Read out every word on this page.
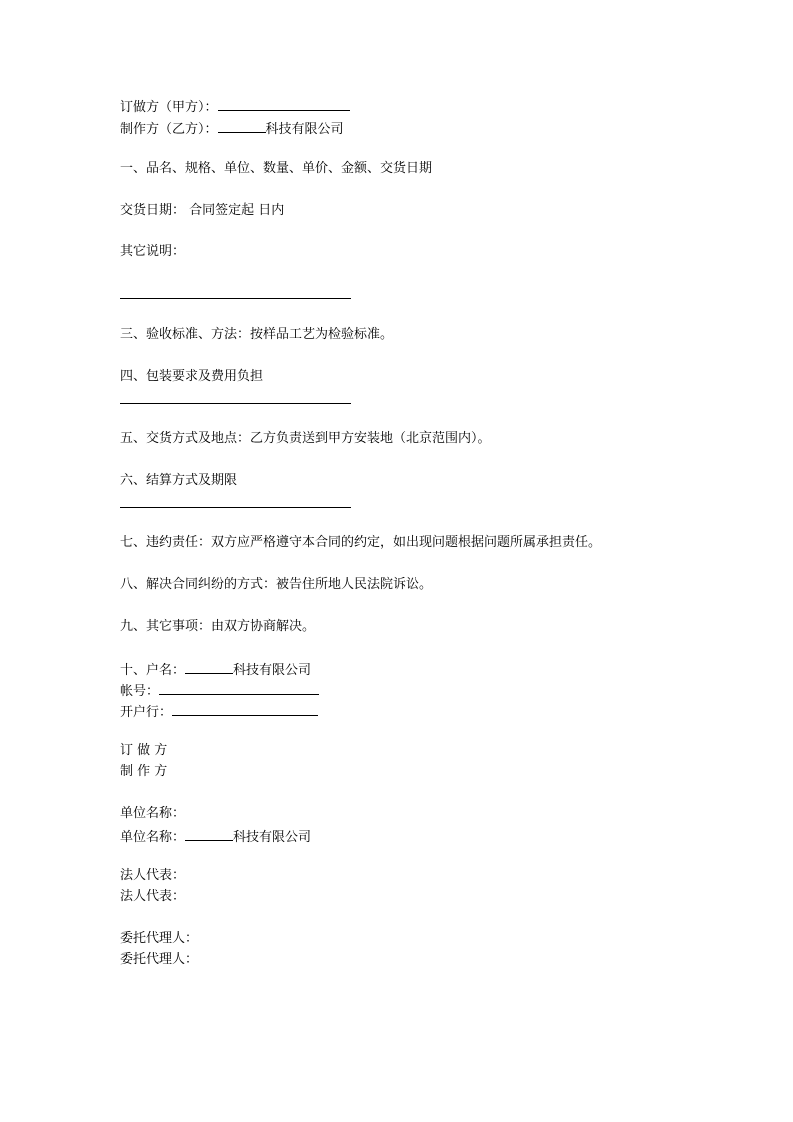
订做方（甲方）：
制作方（乙方）：	科技有限公司
一、品名、规格、单位、数量、单价、金额、交货日期
交货日期： 合同签定起 日内
其它说明：
三、验收标准、方法：按样品工艺为检验标准。
四、包装要求及费用负担
五、交货方式及地点：乙方负责送到甲方安装地（北京范围内）。
六、结算方式及期限
七、违约责任：双方应严格遵守本合同的约定，如出现问题根据问题所属承担责任。
八、解决合同纠纷的方式：被告住所地人民法院诉讼。
九、其它事项：由双方协商解决。
十、户名：	科技有限公司
帐号：
开户行：
订 做 方
制 作 方
单位名称：
单位名称：	科技有限公司
法人代表：
法人代表：
委托代理人：
委托代理人：
